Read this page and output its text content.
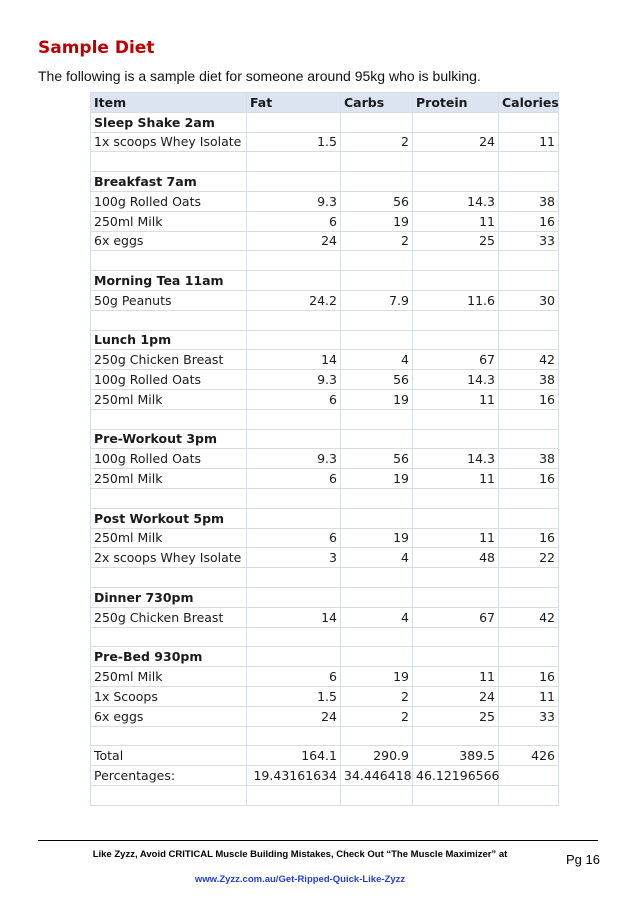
Sample Diet
The following is a sample diet for someone around 95kg who is bulking.
Item	Fat	Carbs	Protein	Calories
Sleep Shake 2am				
1x scoops Whey Isolate	1.5	2	24	11

Breakfast 7am				
100g Rolled Oats	9.3	56	14.3	38
250ml Milk	6	19	11	16
6x eggs	24	2	25	33

Morning Tea 11am				
50g Peanuts	24.2	7.9	11.6	30

Lunch 1pm				
250g Chicken Breast	14	4	67	42
100g Rolled Oats	9.3	56	14.3	38
250ml Milk	6	19	11	16

Pre-Workout 3pm				
100g Rolled Oats	9.3	56	14.3	38
250ml Milk	6	19	11	16

Post Workout 5pm				
250ml Milk	6	19	11	16
2x scoops Whey Isolate	3	4	48	22

Dinner 730pm				
250g Chicken Breast	14	4	67	42

Pre-Bed 930pm				
250ml Milk	6	19	11	16
1x Scoops	1.5	2	24	11
6x eggs	24	2	25	33

Total	164.1	290.9	389.5	426
Percentages:	19.43161634	34.446418	46.12196566	

Like Zyzz, Avoid CRITICAL Muscle Building Mistakes, Check Out “The Muscle Maximizer” at
www.Zyzz.com.au/Get-Ripped-Quick-Like-Zyzz
Pg 16
